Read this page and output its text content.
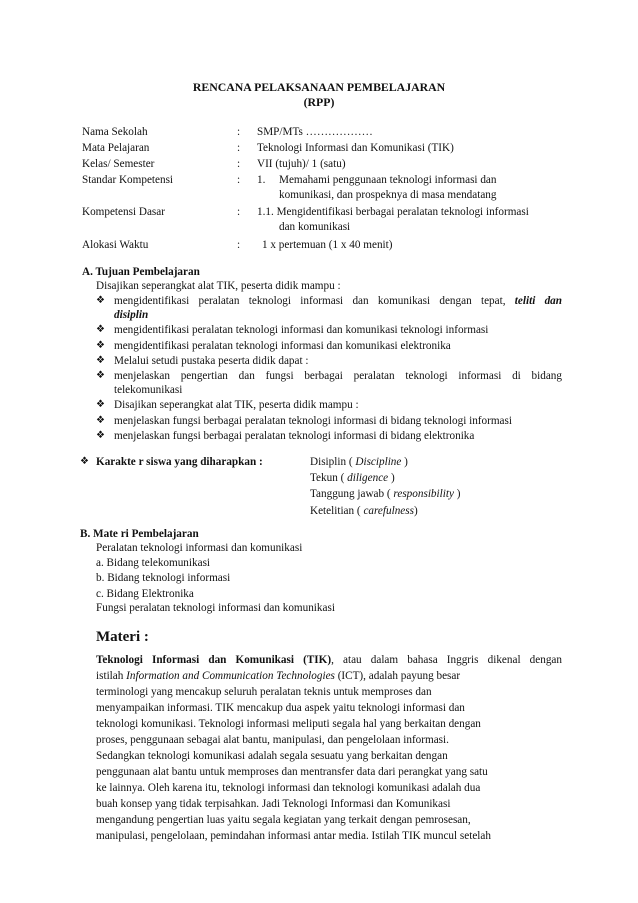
RENCANA PELAKSANAAN PEMBELAJARAN
(RPP)
Nama Sekolah	: SMP/MTs ………………
Mata Pelajaran	: Teknologi Informasi dan Komunikasi (TIK)
Kelas/ Semester	: VII (tujuh)/ 1 (satu)
Standar Kompetensi	: 1. Memahami penggunaan teknologi informasi dan
komunikasi, dan prospeknya di masa mendatang
Kompetensi Dasar	: 1.1. Mengidentifikasi berbagai peralatan teknologi informasi
dan komunikasi
Alokasi Waktu	: 1 x pertemuan (1 x 40 menit)
A. Tujuan Pembelajaran
Disajikan seperangkat alat TIK, peserta didik mampu :
❖ mengidentifikasi peralatan teknologi informasi dan komunikasi dengan tepat, teliti dan
disiplin
❖ mengidentifikasi peralatan teknologi informasi dan komunikasi teknologi informasi
❖ mengidentifikasi peralatan teknologi informasi dan komunikasi elektronika
❖ Melalui setudi pustaka peserta didik dapat :
❖ menjelaskan pengertian dan fungsi berbagai peralatan teknologi informasi di bidang
telekomunikasi
❖ Disajikan seperangkat alat TIK, peserta didik mampu :
❖ menjelaskan fungsi berbagai peralatan teknologi informasi di bidang teknologi informasi
❖ menjelaskan fungsi berbagai peralatan teknologi informasi di bidang elektronika
❖ Karakte r siswa yang diharapkan :	Disiplin ( Discipline )
Tekun ( diligence )
Tanggung jawab ( responsibility )
Ketelitian ( carefulness)
B. Mate ri Pembelajaran
Peralatan teknologi informasi dan komunikasi
a. Bidang telekomunikasi
b. Bidang teknologi informasi
c. Bidang Elektronika
Fungsi peralatan teknologi informasi dan komunikasi
Materi :
Teknologi Informasi dan Komunikasi (TIK), atau dalam bahasa Inggris dikenal dengan
istilah Information and Communication Technologies (ICT), adalah payung besar
terminologi yang mencakup seluruh peralatan teknis untuk memproses dan
menyampaikan informasi. TIK mencakup dua aspek yaitu teknologi informasi dan
teknologi komunikasi. Teknologi informasi meliputi segala hal yang berkaitan dengan
proses, penggunaan sebagai alat bantu, manipulasi, dan pengelolaan informasi.
Sedangkan teknologi komunikasi adalah segala sesuatu yang berkaitan dengan
penggunaan alat bantu untuk memproses dan mentransfer data dari perangkat yang satu
ke lainnya. Oleh karena itu, teknologi informasi dan teknologi komunikasi adalah dua
buah konsep yang tidak terpisahkan. Jadi Teknologi Informasi dan Komunikasi
mengandung pengertian luas yaitu segala kegiatan yang terkait dengan pemrosesan,
manipulasi, pengelolaan, pemindahan informasi antar media. Istilah TIK muncul setelah
